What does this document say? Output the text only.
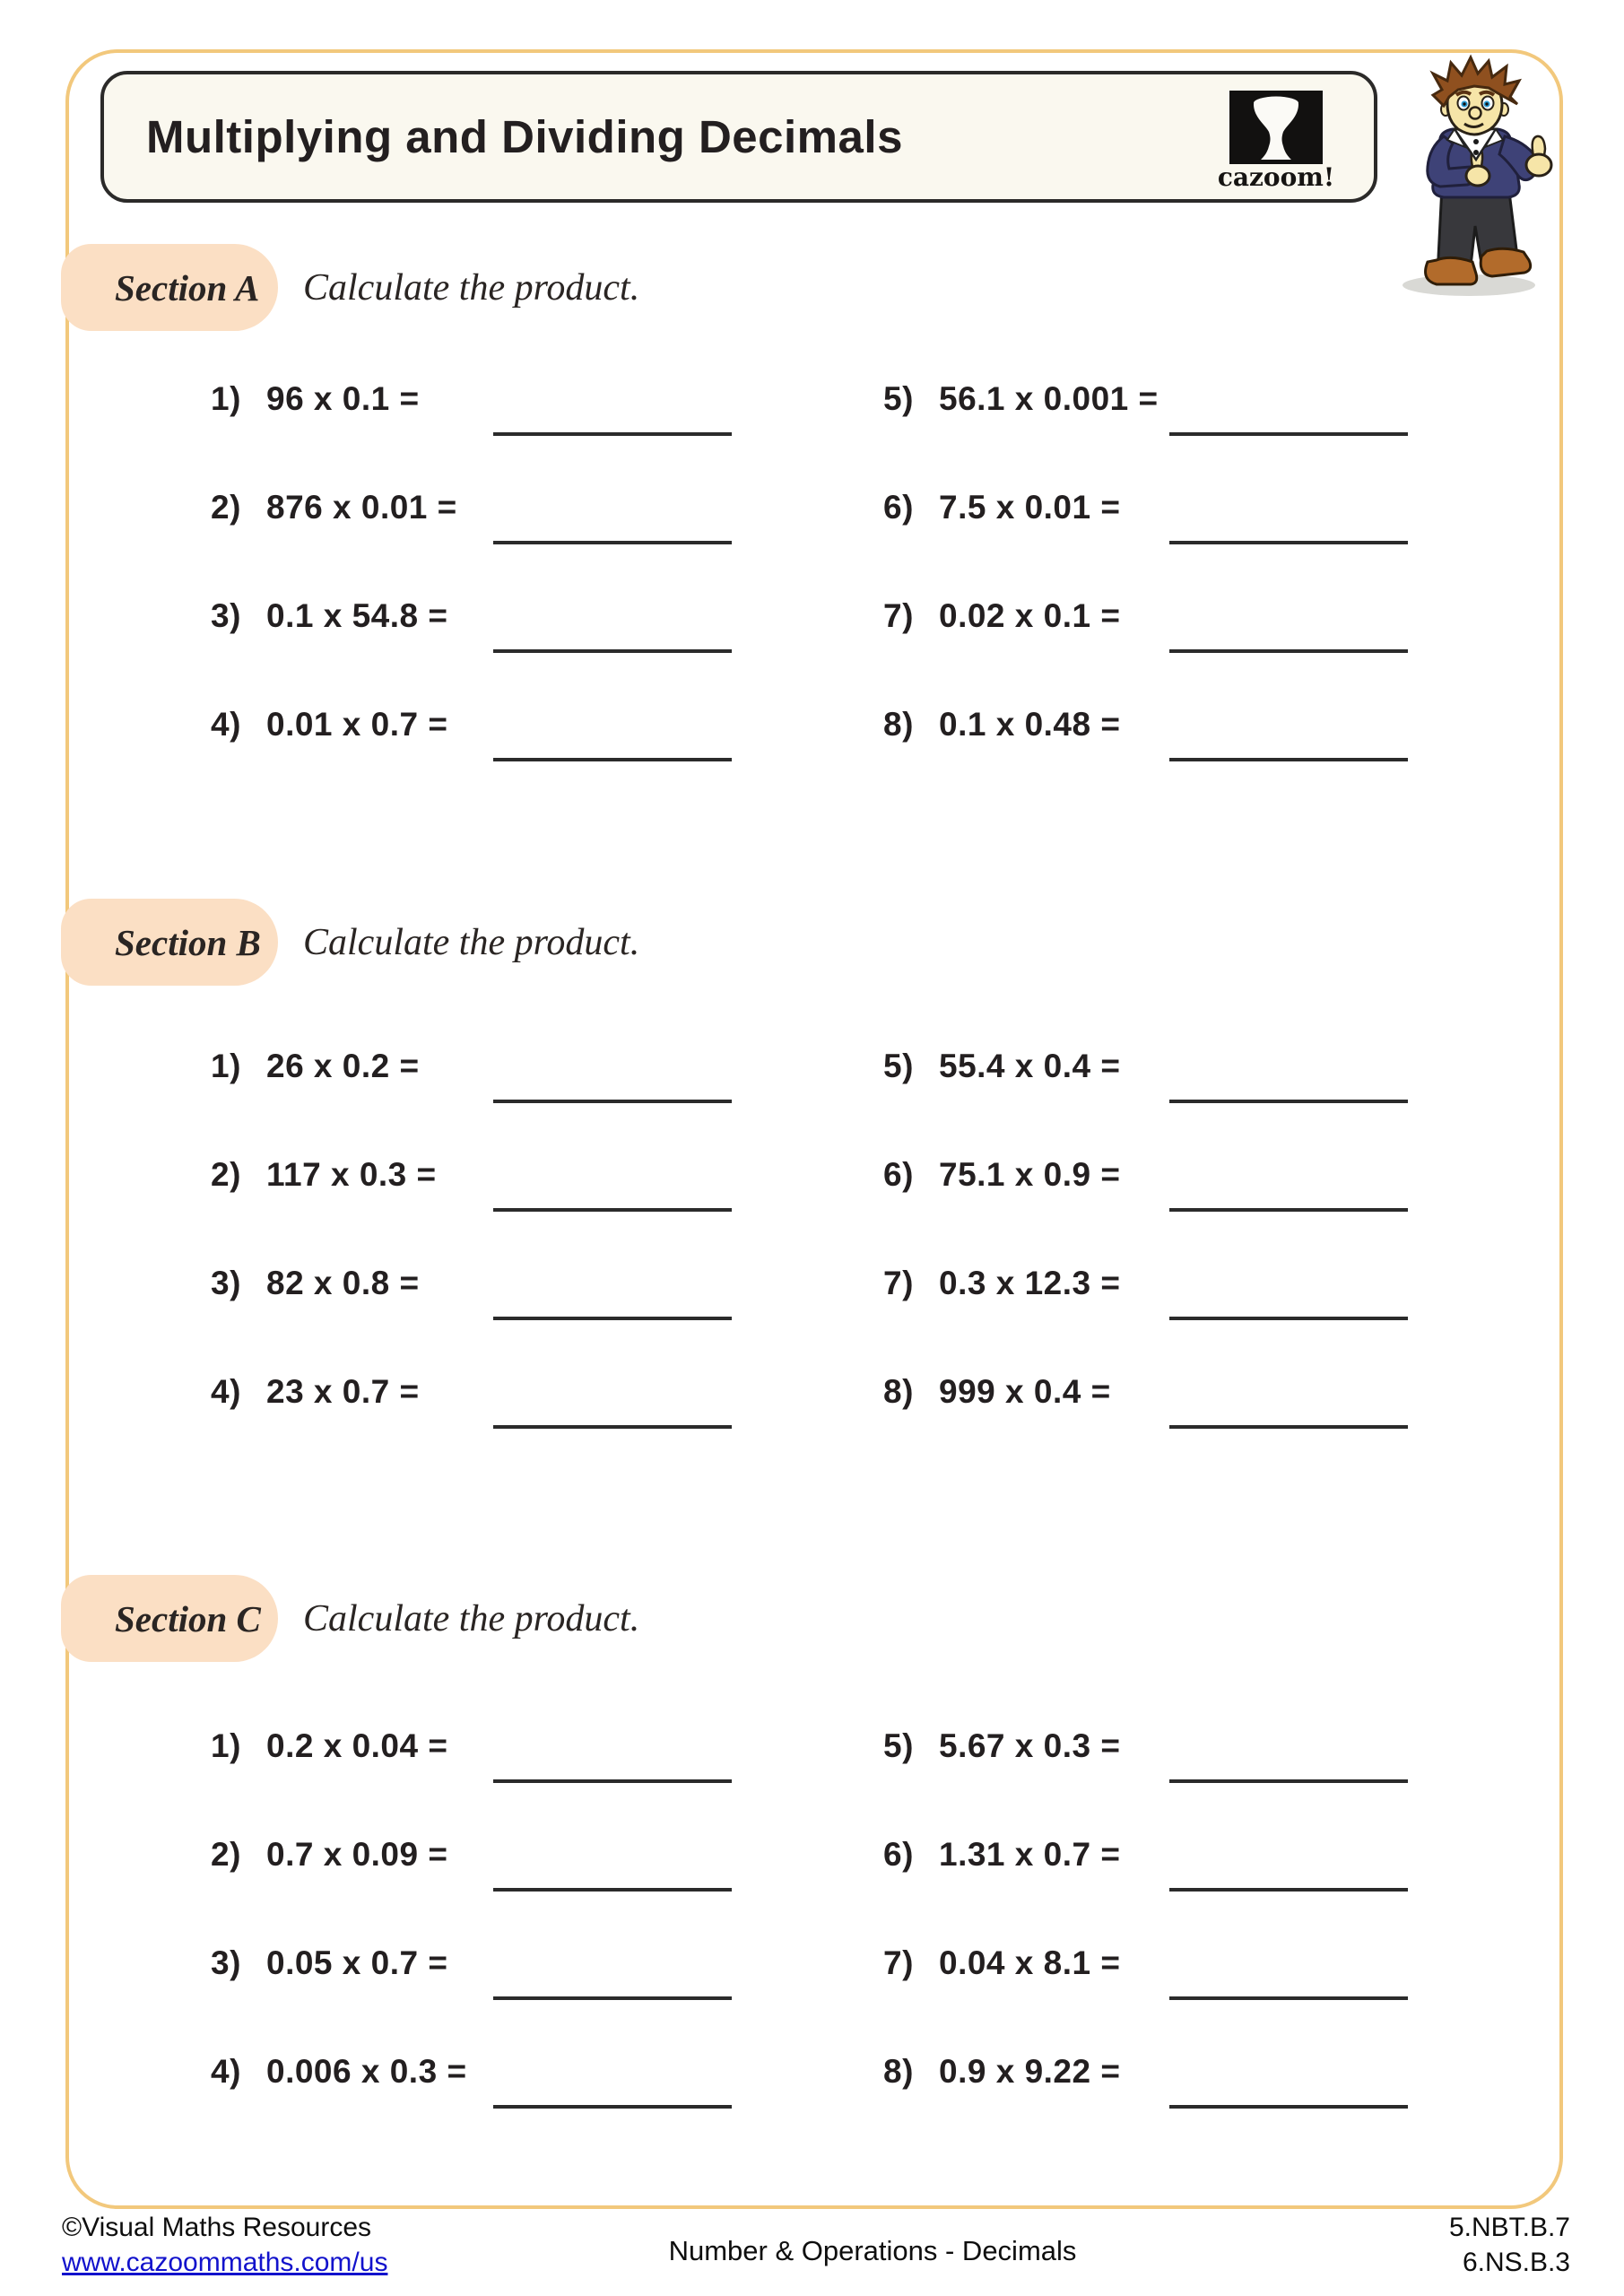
Multiplying and Dividing Decimals
cazoom!
Section A Calculate the product.
1) 96 x 0.1 =	5) 56.1 x 0.001 =
2) 876 x 0.01 =	6) 7.5 x 0.01 =
3) 0.1 x 54.8 =	7) 0.02 x 0.1 =
4) 0.01 x 0.7 =	8) 0.1 x 0.48 =
Section B Calculate the product.
1) 26 x 0.2 =	5) 55.4 x 0.4 =
2) 117 x 0.3 =	6) 75.1 x 0.9 =
3) 82 x 0.8 =	7) 0.3 x 12.3 =
4) 23 x 0.7 =	8) 999 x 0.4 =
Section C Calculate the product.
1) 0.2 x 0.04 =	5) 5.67 x 0.3 =
2) 0.7 x 0.09 =	6) 1.31 x 0.7 =
3) 0.05 x 0.7 =	7) 0.04 x 8.1 =
4) 0.006 x 0.3 =	8) 0.9 x 9.22 =
©Visual Maths Resources
www.cazoommaths.com/us	Number & Operations - Decimals
5.NBT.B.7
6.NS.B.3
